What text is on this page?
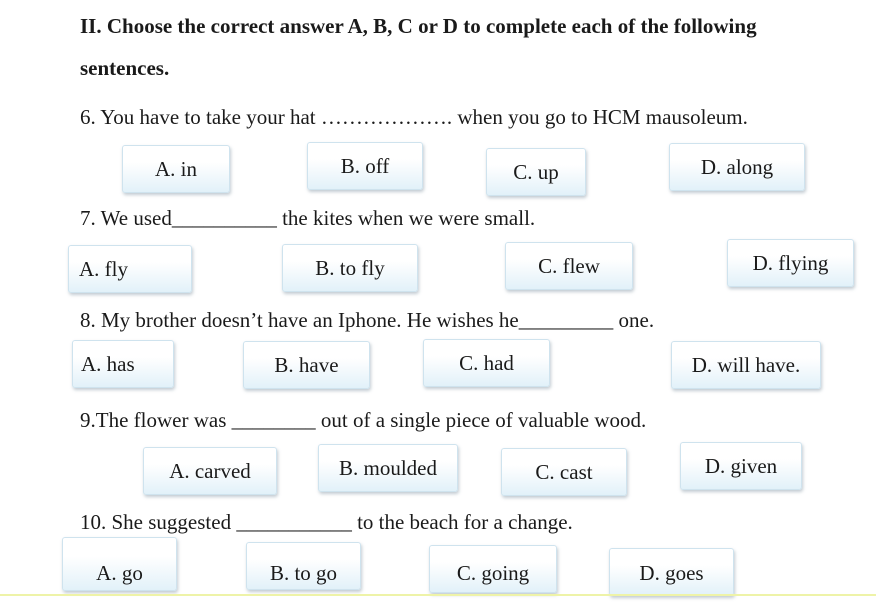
II. Choose the correct answer A, B, C or D to complete each of the following
sentences.
6. You have to take your hat ………………. when you go to HCM mausoleum.
A. in	B. off	C. up	D. along
7. We used__________ the kites when we were small.
A. fly	B. to fly	C. flew	D. flying
8. My brother doesn’t have an Iphone. He wishes he_________ one.
A. has	B. have	C. had	D. will have.
9.The flower was ________ out of a single piece of valuable wood.
A. carved	B. moulded	C. cast	D. given
10. She suggested ___________ to the beach for a change.
A. go	B. to go	C. going	D. goes
